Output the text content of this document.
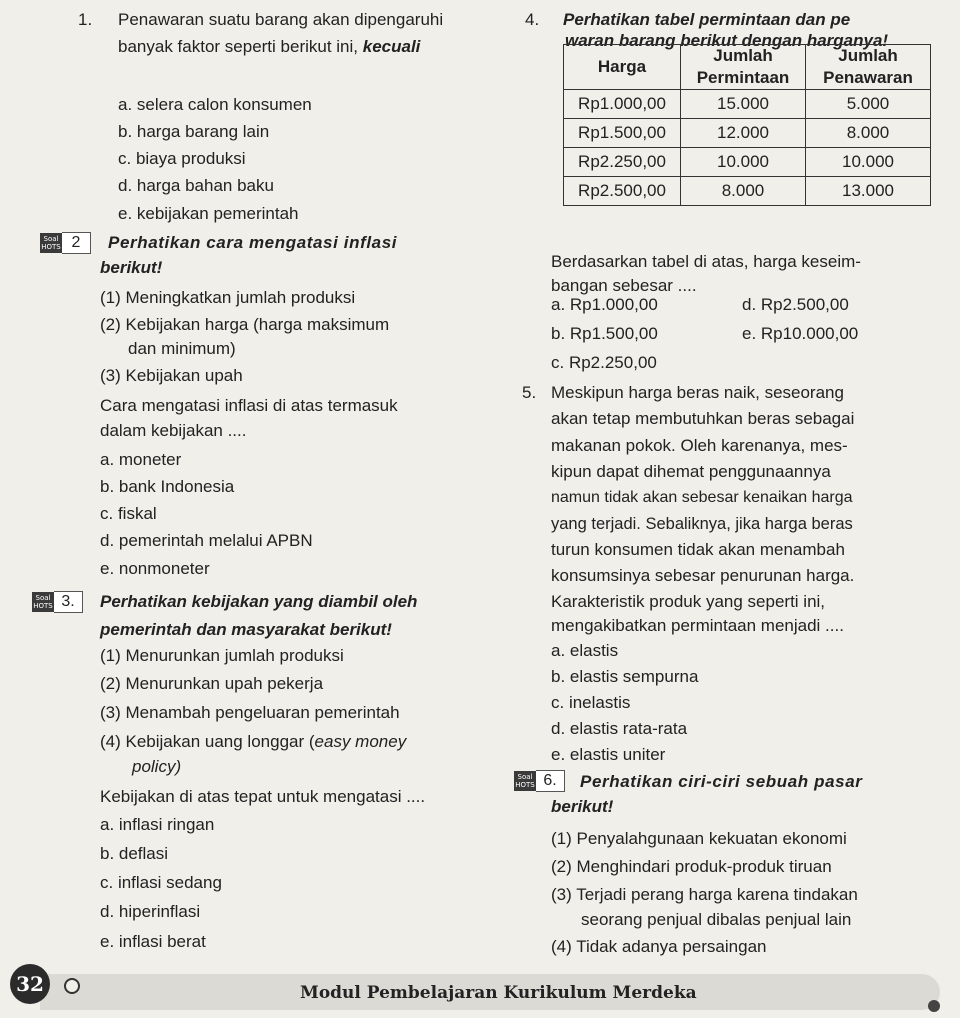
1. Penawaran suatu barang akan dipengaruhi
banyak faktor seperti berikut ini, kecuali
a. selera calon konsumen
b. harga barang lain
c. biaya produksi
d. harga bahan baku
e. kebijakan pemerintah
Soal HOTS 2	Perhatikan cara mengatasi inflasi
berikut!
(1) Meningkatkan jumlah produksi
(2) Kebijakan harga (harga maksimum
dan minimum)
(3) Kebijakan upah
Cara mengatasi inflasi di atas termasuk
dalam kebijakan ....
a. moneter
b. bank Indonesia
c. fiskal
d. pemerintah melalui APBN
e. nonmoneter
Soal HOTS 3.	Perhatikan kebijakan yang diambil oleh
pemerintah dan masyarakat berikut!
(1) Menurunkan jumlah produksi
(2) Menurunkan upah pekerja
(3) Menambah pengeluaran pemerintah
(4) Kebijakan uang longgar (easy money
policy)
Kebijakan di atas tepat untuk mengatasi ....
a. inflasi ringan
b. deflasi
c. inflasi sedang
d. hiperinflasi
e. inflasi berat
4. Perhatikan tabel permintaan dan pe
waran barang berikut dengan harganya!
Harga	Jumlah Permintaan	Jumlah Penawaran
Rp1.000,00	15.000	5.000
Rp1.500,00	12.000	8.000
Rp2.250,00	10.000	10.000
Rp2.500,00	8.000	13.000
Berdasarkan tabel di atas, harga keseim-
bangan sebesar ....
a. Rp1.000,00	d. Rp2.500,00
b. Rp1.500,00	e. Rp10.000,00
c. Rp2.250,00
5. Meskipun harga beras naik, seseorang
akan tetap membutuhkan beras sebagai
makanan pokok. Oleh karenanya, mes-
kipun dapat dihemat penggunaannya
namun tidak akan sebesar kenaikan harga
yang terjadi. Sebaliknya, jika harga beras
turun konsumen tidak akan menambah
konsumsinya sebesar penurunan harga.
Karakteristik produk yang seperti ini,
mengakibatkan permintaan menjadi ....
a. elastis
b. elastis sempurna
c. inelastis
d. elastis rata-rata
e. elastis uniter
Soal HOTS 6.	Perhatikan ciri-ciri sebuah pasar
berikut!
(1) Penyalahgunaan kekuatan ekonomi
(2) Menghindari produk-produk tiruan
(3) Terjadi perang harga karena tindakan
seorang penjual dibalas penjual lain
(4) Tidak adanya persaingan
32	Modul Pembelajaran Kurikulum Merdeka
